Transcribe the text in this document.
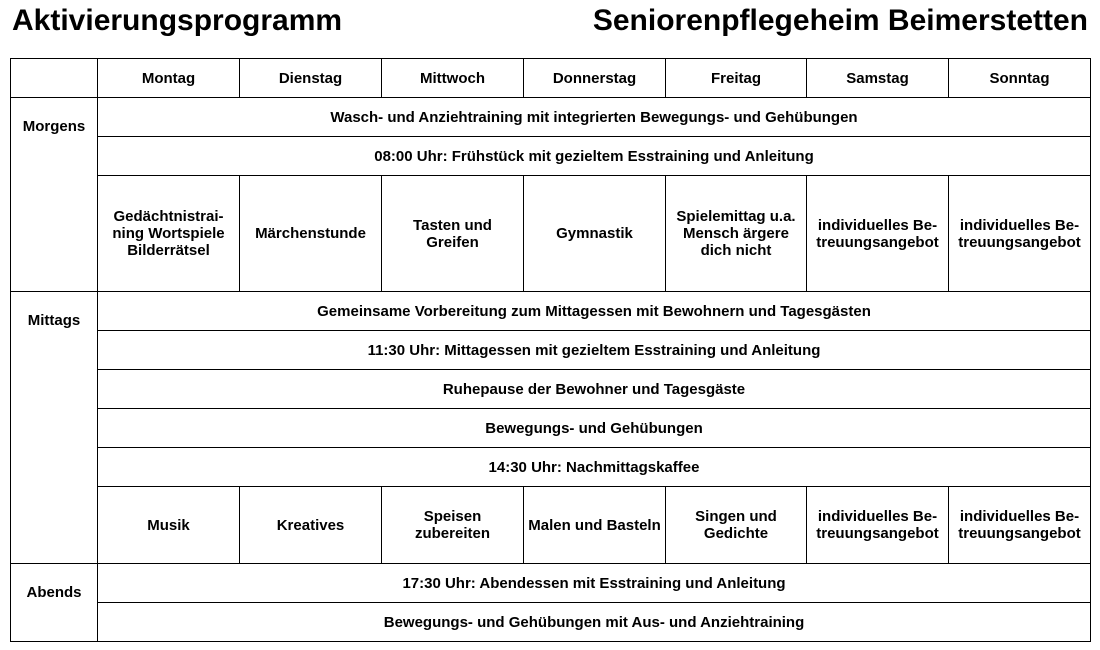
Aktivierungsprogramm	Seniorenpflegeheim Beimerstetten
	Montag	Dienstag	Mittwoch	Donnerstag	Freitag	Samstag	Sonntag
Morgens	Wasch- und Anziehtraining mit integrierten Bewegungs- und Gehübungen						
	08:00 Uhr: Frühstück mit gezieltem Esstraining und Anleitung						
	Gedächtnistrai-
ning Wortspiele
Bilderrätsel	Märchenstunde	Tasten und
Greifen	Gymnastik	Spielemittag u.a.
Mensch ärgere
dich nicht	individuelles Be-
treuungsangebot	individuelles Be-
treuungsangebot
Mittags	Gemeinsame Vorbereitung zum Mittagessen mit Bewohnern und Tagesgästen						
	11:30 Uhr: Mittagessen mit gezieltem Esstraining und Anleitung						
	Ruhepause der Bewohner und Tagesgäste						
	Bewegungs- und Gehübungen						
	14:30 Uhr: Nachmittagskaffee						
	Musik	Kreatives	Speisen
zubereiten	Malen und Basteln	Singen und
Gedichte	individuelles Be-
treuungsangebot	individuelles Be-
treuungsangebot
Abends	17:30 Uhr: Abendessen mit Esstraining und Anleitung						
	Bewegungs- und Gehübungen mit Aus- und Anziehtraining						
